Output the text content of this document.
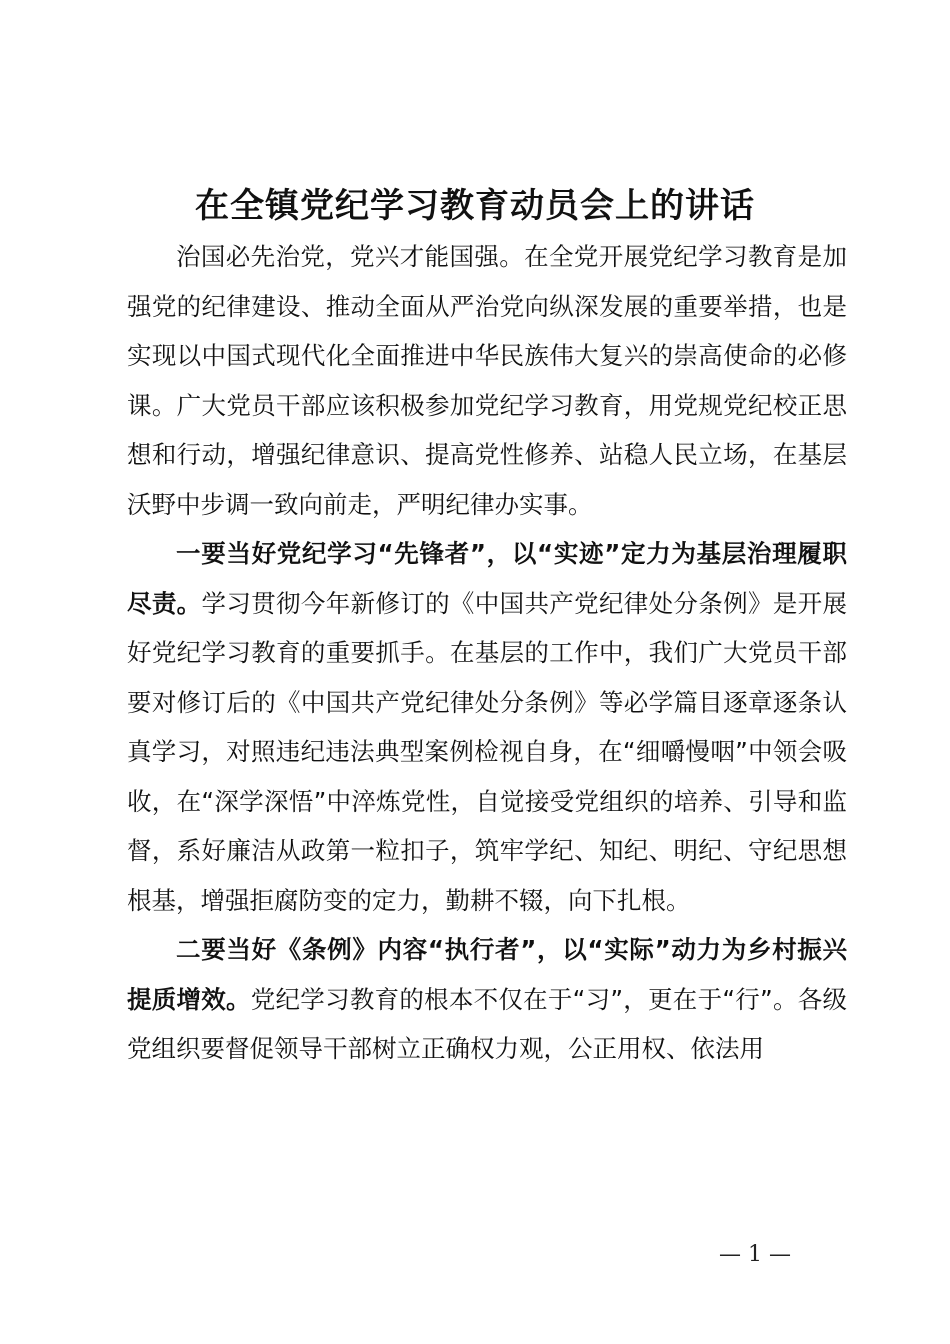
在全镇党纪学习教育动员会上的讲话

治国必先治党，党兴才能国强。在全党开展党纪学习教育是加强党的纪律建设、推动全面从严治党向纵深发展的重要举措，也是实现以中国式现代化全面推进中华民族伟大复兴的崇高使命的必修课。广大党员干部应该积极参加党纪学习教育，用党规党纪校正思想和行动，增强纪律意识、提高党性修养、站稳人民立场，在基层沃野中步调一致向前走，严明纪律办实事。

一要当好党纪学习“先锋者”，以“实迹”定力为基层治理履职尽责。学习贯彻今年新修订的《中国共产党纪律处分条例》是开展好党纪学习教育的重要抓手。在基层的工作中，我们广大党员干部要对修订后的《中国共产党纪律处分条例》等必学篇目逐章逐条认真学习，对照违纪违法典型案例检视自身，在“细嚼慢咽”中领会吸收，在“深学深悟”中淬炼党性，自觉接受党组织的培养、引导和监督，系好廉洁从政第一粒扣子，筑牢学纪、知纪、明纪、守纪思想根基，增强拒腐防变的定力，勤耕不辍，向下扎根。

二要当好《条例》内容“执行者”，以“实际”动力为乡村振兴提质增效。党纪学习教育的根本不仅在于“习”，更在于“行”。各级党组织要督促领导干部树立正确权力观，公正用权、依法用

— 1 —
